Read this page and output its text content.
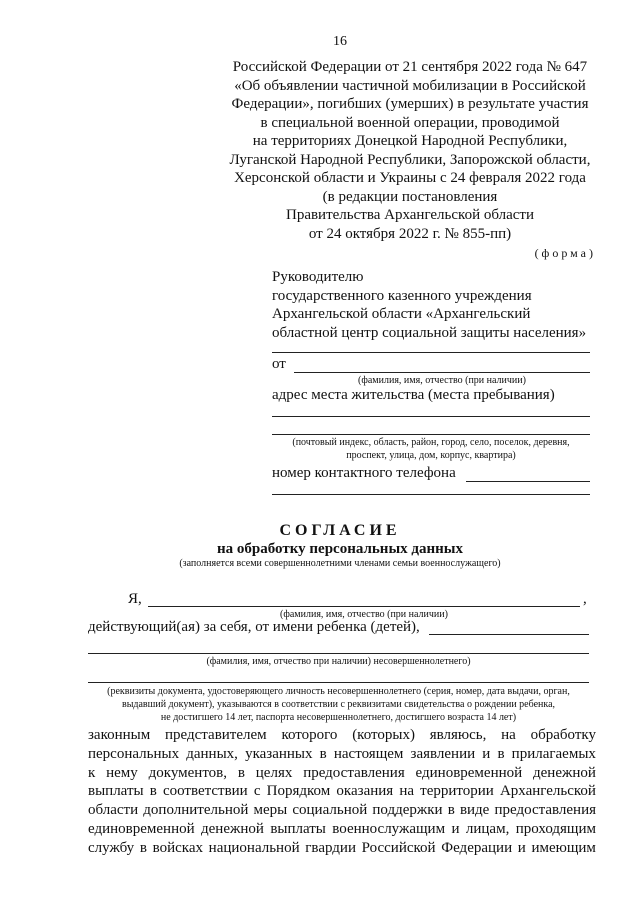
16
Российской Федерации от 21 сентября 2022 года № 647
«Об объявлении частичной мобилизации в Российской
Федерации», погибших (умерших) в результате участия
в специальной военной операции, проводимой
на территориях Донецкой Народной Республики,
Луганской Народной Республики, Запорожской области,
Херсонской области и Украины с 24 февраля 2022 года
(в редакции постановления
Правительства Архангельской области
от 24 октября 2022 г. № 855-пп)
(форма)
Руководителю
государственного казенного учреждения
Архангельской области «Архангельский
областной центр социальной защиты населения»
от
(фамилия, имя, отчество (при наличии)
адрес места жительства (места пребывания)
(почтовый индекс, область, район, город, село, поселок, деревня,
проспект, улица, дом, корпус, квартира)
номер контактного телефона
СОГЛАСИЕ
на обработку персональных данных
(заполняется всеми совершеннолетними членами семьи военнослужащего)
Я,	,
(фамилия, имя, отчество (при наличии)
действующий(ая) за себя, от имени ребенка (детей),
(фамилия, имя, отчество при наличии) несовершеннолетнего)
(реквизиты документа, удостоверяющего личность несовершеннолетнего (серия, номер, дата выдачи, орган,
выдавший документ), указываются в соответствии с реквизитами свидетельства о рождении ребенка,
не достигшего 14 лет, паспорта несовершеннолетнего, достигшего возраста 14 лет)
законным представителем которого (которых) являюсь, на обработку
персональных данных, указанных в настоящем заявлении и в прилагаемых
к нему документов, в целях предоставления единовременной денежной
выплаты в соответствии с Порядком оказания на территории Архангельской
области дополнительной меры социальной поддержки в виде предоставления
единовременной денежной выплаты военнослужащим и лицам, проходящим
службу в войсках национальной гвардии Российской Федерации и имеющим
